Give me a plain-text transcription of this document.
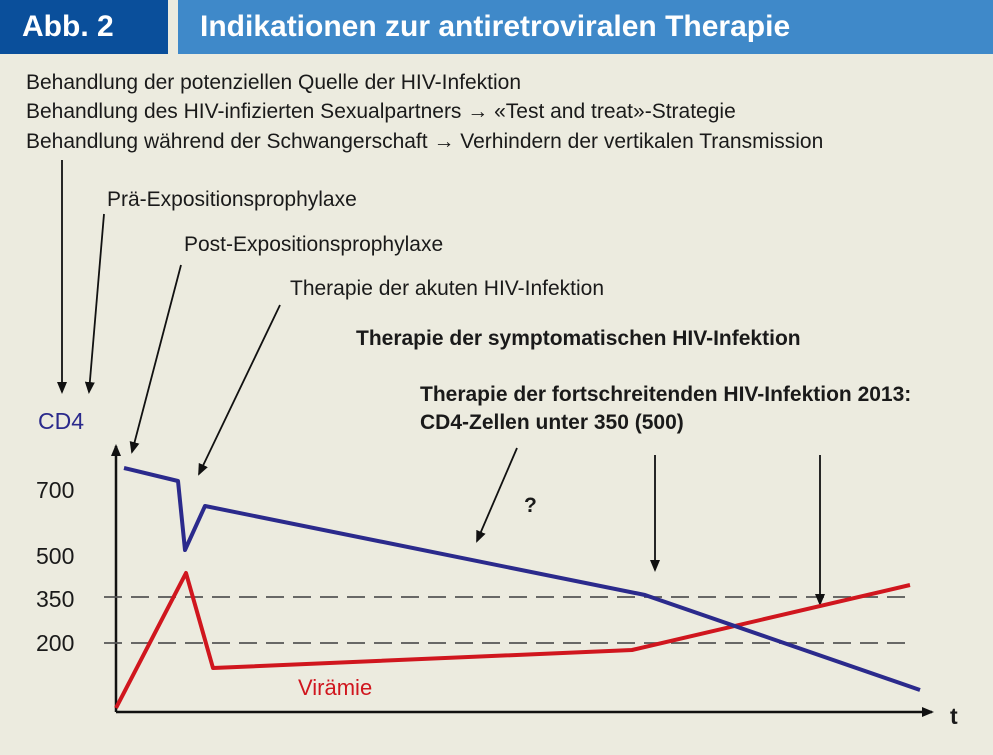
Abb. 2	Indikationen zur antiretroviralen Therapie
Behandlung der potenziellen Quelle der HIV-Infektion
Behandlung des HIV-infizierten Sexualpartners → «Test and treat»-Strategie
Behandlung während der Schwangerschaft → Verhindern der vertikalen Transmission
Prä-Expositionsprophylaxe
Post-Expositionsprophylaxe
Therapie der akuten HIV-Infektion
Therapie der symptomatischen HIV-Infektion
Therapie der fortschreitenden HIV-Infektion 2013:
CD4-Zellen unter 350 (500)
?
CD4
700
500
350
200
t
Virämie
